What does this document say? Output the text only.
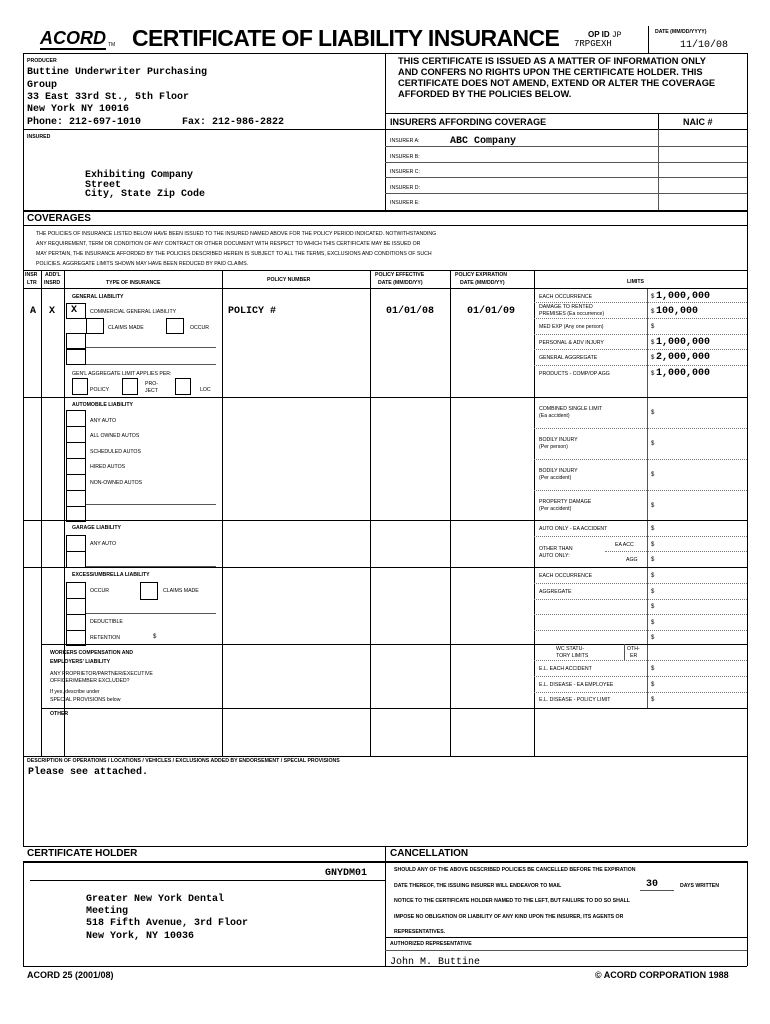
ACORD TM CERTIFICATE OF LIABILITY INSURANCE	OP ID JP
7RPGEXH
DATE (MM/DD/YYYY)
11/10/08
PRODUCER
Buttine Underwriter Purchasing
Group
33 East 33rd St., 5th Floor
New York NY 10016
Phone: 212-697-1010	Fax: 212-986-2822
THIS CERTIFICATE IS ISSUED AS A MATTER OF INFORMATION ONLY AND CONFERS NO RIGHTS UPON THE CERTIFICATE HOLDER. THIS CERTIFICATE DOES NOT AMEND, EXTEND OR ALTER THE COVERAGE AFFORDED BY THE POLICIES BELOW.
INSURERS AFFORDING COVERAGE	NAIC #
INSURED
Exhibiting Company
Street
City, State Zip Code
INSURER A:	ABC Company
INSURER B:
INSURER C:
INSURER D:
INSURER E:
COVERAGES
THE POLICIES OF INSURANCE LISTED BELOW HAVE BEEN ISSUED TO THE INSURED NAMED ABOVE FOR THE POLICY PERIOD INDICATED. NOTWITHSTANDING
ANY REQUIREMENT, TERM OR CONDITION OF ANY CONTRACT OR OTHER DOCUMENT WITH RESPECT TO WHICH THIS CERTIFICATE MAY BE ISSUED OR
MAY PERTAIN, THE INSURANCE AFFORDED BY THE POLICIES DESCRIBED HEREIN IS SUBJECT TO ALL THE TERMS, EXCLUSIONS AND CONDITIONS OF SUCH
POLICIES. AGGREGATE LIMITS SHOWN MAY HAVE BEEN REDUCED BY PAID CLAIMS.
INSR
LTR
ADD'L
INSRD	TYPE OF INSURANCE	POLICY NUMBER
POLICY EFFECTIVE
DATE (MM/DD/YY)
POLICY EXPIRATION
DATE (MM/DD/YY)	LIMITS
GENERAL LIABILITY
A X X COMMERCIAL GENERAL LIABILITY
CLAIMS MADE	OCCUR
GEN'L AGGREGATE LIMIT APPLIES PER:
POLICY
PRO-
JECT	LOC
POLICY #	01/01/08	01/01/09
EACH OCCURRENCE	$ 1,000,000
DAMAGE TO RENTED
PREMISES (Ea occurrence)	$ 100,000
MED EXP (Any one person)	$
PERSONAL & ADV INJURY	$ 1,000,000
GENERAL AGGREGATE	$ 2,000,000
PRODUCTS - COMP/OP AGG	$ 1,000,000
AUTOMOBILE LIABILITY
ANY AUTO
ALL OWNED AUTOS
SCHEDULED AUTOS
HIRED AUTOS
NON-OWNED AUTOS
COMBINED SINGLE LIMIT
(Ea accident)	$
BODILY INJURY
(Per person)	$
BODILY INJURY
(Per accident)	$
PROPERTY DAMAGE
(Per accident)	$
GARAGE LIABILITY
ANY AUTO
AUTO ONLY - EA ACCIDENT	$
OTHER THAN
AUTO ONLY:
EA ACC	$
AGG $
EXCESS/UMBRELLA LIABILITY
OCCUR	CLAIMS MADE
DEDUCTIBLE
RETENTION	$
EACH OCCURRENCE	$
AGGREGATE	$
$
$
$
WORKERS COMPENSATION AND
EMPLOYERS' LIABILITY
ANY PROPRIETOR/PARTNER/EXECUTIVE
OFFICER/MEMBER EXCLUDED?
If yes, describe under
SPECIAL PROVISIONS below
WC STATU-
TORY LIMITS
OTH-
ER
E.L. EACH ACCIDENT	$
E.L. DISEASE - EA EMPLOYEE	$
E.L. DISEASE - POLICY LIMIT	$
OTHER
DESCRIPTION OF OPERATIONS / LOCATIONS / VEHICLES / EXCLUSIONS ADDED BY ENDORSEMENT / SPECIAL PROVISIONS
Please see attached.
CERTIFICATE HOLDER	CANCELLATION
GNYDM01
Greater New York Dental
Meeting
518 Fifth Avenue, 3rd Floor
New York, NY 10036
SHOULD ANY OF THE ABOVE DESCRIBED POLICIES BE CANCELLED BEFORE THE EXPIRATION
DATE THEREOF, THE ISSUING INSURER WILL ENDEAVOR TO MAIL	30	DAYS WRITTEN
NOTICE TO THE CERTIFICATE HOLDER NAMED TO THE LEFT, BUT FAILURE TO DO SO SHALL
IMPOSE NO OBLIGATION OR LIABILITY OF ANY KIND UPON THE INSURER, ITS AGENTS OR
REPRESENTATIVES.
AUTHORIZED REPRESENTATIVE
John M. Buttine
ACORD 25 (2001/08)	© ACORD CORPORATION 1988
